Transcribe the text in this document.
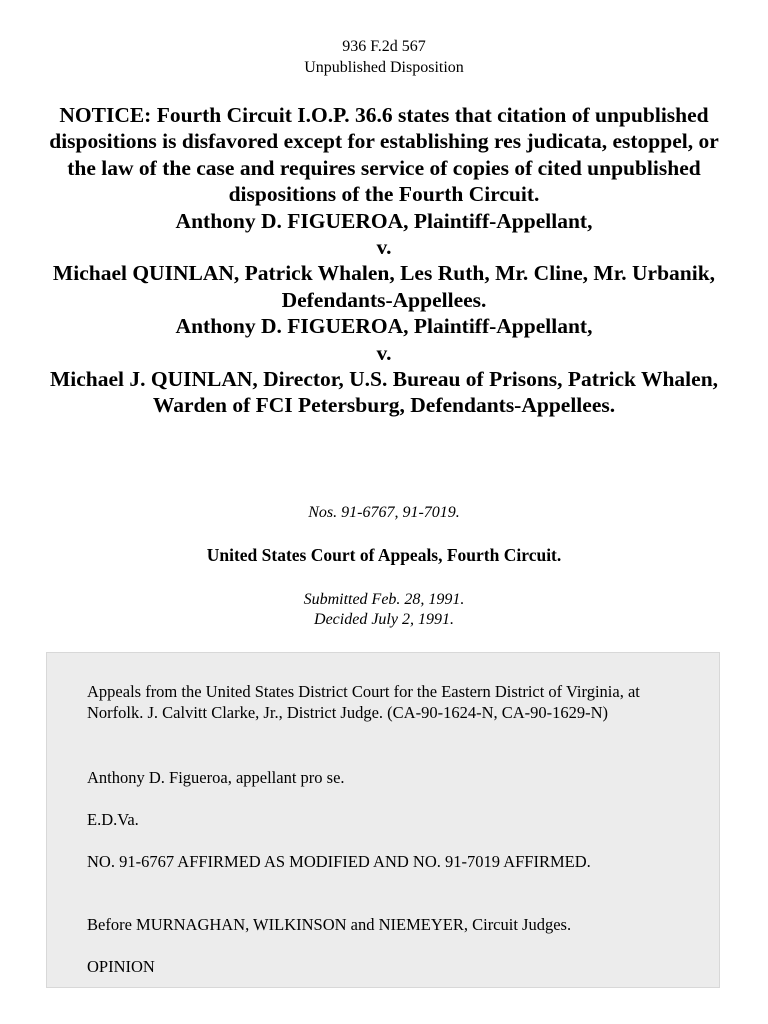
936 F.2d 567
Unpublished Disposition
NOTICE: Fourth Circuit I.O.P. 36.6 states that citation of unpublished dispositions is disfavored except for establishing res judicata, estoppel, or the law of the case and requires service of copies of cited unpublished dispositions of the Fourth Circuit.
Anthony D. FIGUEROA, Plaintiff-Appellant,
v.
Michael QUINLAN, Patrick Whalen, Les Ruth, Mr. Cline, Mr. Urbanik, Defendants-Appellees.
Anthony D. FIGUEROA, Plaintiff-Appellant,
v.
Michael J. QUINLAN, Director, U.S. Bureau of Prisons, Patrick Whalen, Warden of FCI Petersburg, Defendants-Appellees.
Nos. 91-6767, 91-7019.
United States Court of Appeals, Fourth Circuit.
Submitted Feb. 28, 1991.
Decided July 2, 1991.

Appeals from the United States District Court for the Eastern District of Virginia, at Norfolk. J. Calvitt Clarke, Jr., District Judge. (CA-90-1624-N, CA-90-1629-N)

Anthony D. Figueroa, appellant pro se.

E.D.Va.

NO. 91-6767 AFFIRMED AS MODIFIED AND NO. 91-7019 AFFIRMED.

Before MURNAGHAN, WILKINSON and NIEMEYER, Circuit Judges.

OPINION
